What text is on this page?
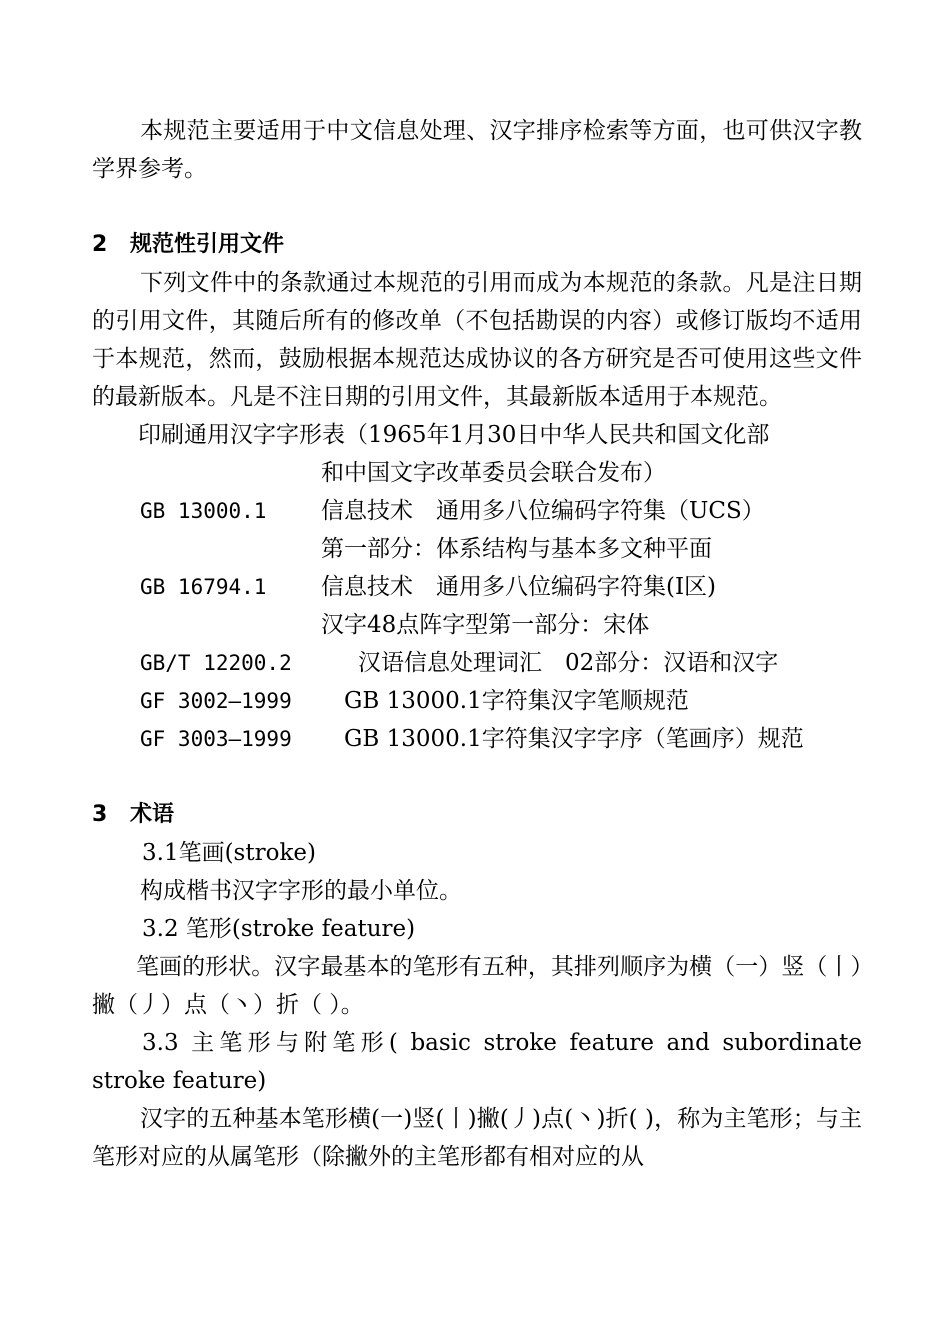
本规范主要适用于中文信息处理、汉字排序检索等方面，也可供汉字教学界参考。

2 规范性引用文件

下列文件中的条款通过本规范的引用而成为本规范的条款。凡是注日期的引用文件，其随后所有的修改单（不包括勘误的内容）或修订版均不适用于本规范，然而，鼓励根据本规范达成协议的各方研究是否可使用这些文件的最新版本。凡是不注日期的引用文件，其最新版本适用于本规范。

印刷通用汉字字形表（1965年1月30日中华人民共和国文化部
和中国文字改革委员会联合发布）
GB 13000.1 信息技术　通用多八位编码字符集（UCS）
第一部分：体系结构与基本多文种平面
GB 16794.1 信息技术　通用多八位编码字符集(I区)
汉字48点阵字型第一部分：宋体
GB/T 12200.2	汉语信息处理词汇　02部分：汉语和汉字
GF 3002—1999 GB 13000.1字符集汉字笔顺规范
GF 3003—1999 GB 13000.1字符集汉字字序（笔画序）规范
3 术语

3.1笔画(stroke)

构成楷书汉字字形的最小单位。

3.2 笔形(stroke feature)

笔画的形状。汉字最基本的笔形有五种，其排列顺序为横（一）竖（丨）撇（丿）点（丶）折（ ）。

3.3 主笔形与附笔形( basic stroke feature and subordinate stroke feature)

汉字的五种基本笔形横(一)竖(丨)撇(丿)点(丶)折( )，称为主笔形；与主笔形对应的从属笔形（除撇外的主笔形都有相对应的从
